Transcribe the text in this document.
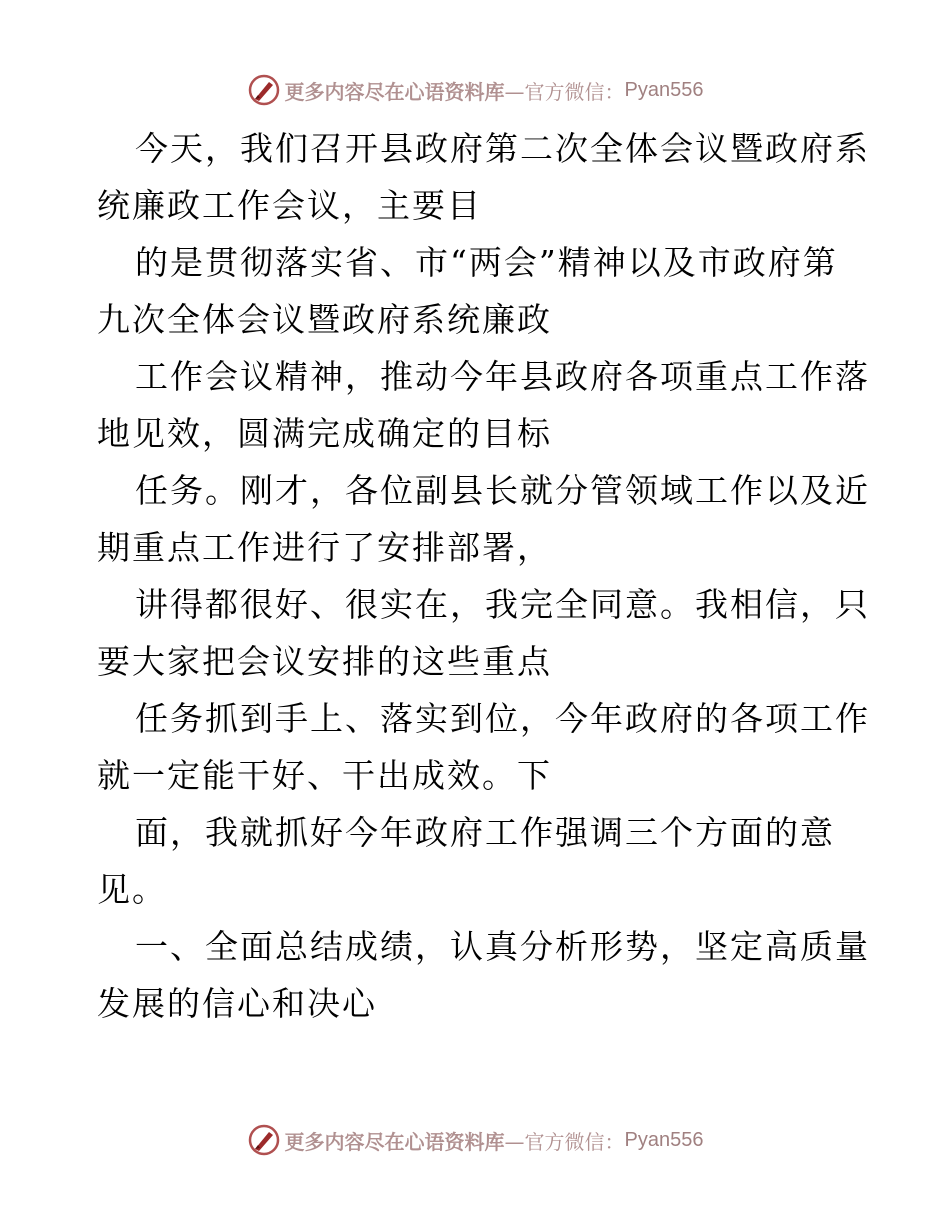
更多内容尽在心语资料库 —官方微信： Pyan556

今天，我们召开县政府第二次全体会议暨政府系
统廉政工作会议，主要目

的是贯彻落实省、市“两会”精神以及市政府第
九次全体会议暨政府系统廉政

工作会议精神，推动今年县政府各项重点工作落
地见效，圆满完成确定的目标

任务。刚才，各位副县长就分管领域工作以及近
期重点工作进行了安排部署，

讲得都很好、很实在，我完全同意。我相信，只
要大家把会议安排的这些重点

任务抓到手上、落实到位，今年政府的各项工作
就一定能干好、干出成效。下

面，我就抓好今年政府工作强调三个方面的意
见。

一、全面总结成绩，认真分析形势，坚定高质量
发展的信心和决心

更多内容尽在心语资料库 —官方微信： Pyan556
